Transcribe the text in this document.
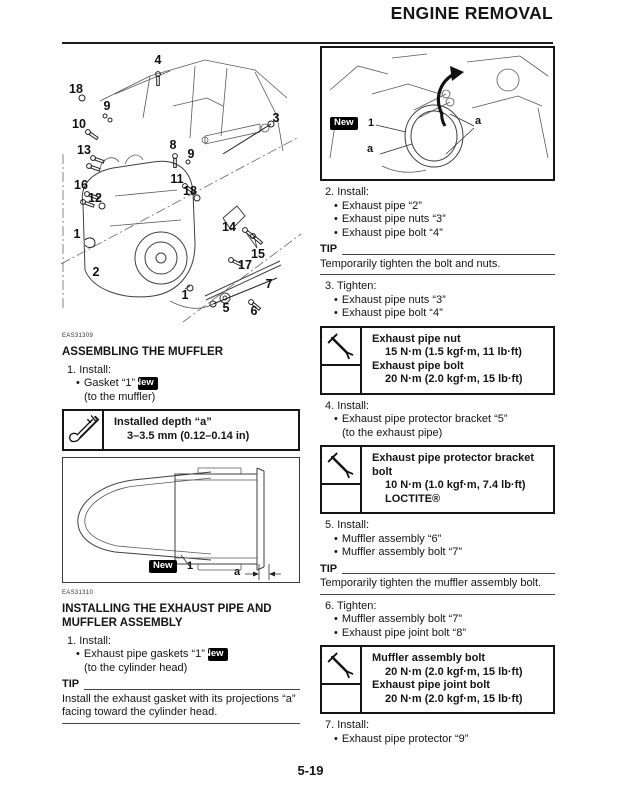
ENGINE REMOVAL
4
18
9
10	3
13	8
9
16	11
18
12
1	14
15
17
2
7
1
5 6
EAS31309
ASSEMBLING THE MUFFLER
1. Install:
• Gasket “1” New
(to the muffler)
Installed depth “a”
3–3.5 mm (0.12–0.14 in)
New	1	a
EAS31310
INSTALLING THE EXHAUST PIPE AND MUFFLER ASSEMBLY
1. Install:
• Exhaust pipe gaskets “1” New
(to the cylinder head)
TIP
Install the exhaust gasket with its projections “a” facing toward the cylinder head.
New	1	a
a
2. Install:
• Exhaust pipe “2”
• Exhaust pipe nuts “3”
• Exhaust pipe bolt “4”
TIP
Temporarily tighten the bolt and nuts.
3. Tighten:
• Exhaust pipe nuts “3”
• Exhaust pipe bolt “4”
Exhaust pipe nut
15 N·m (1.5 kgf·m, 11 lb·ft)
Exhaust pipe bolt
20 N·m (2.0 kgf·m, 15 lb·ft)
4. Install:
• Exhaust pipe protector bracket “5”
(to the exhaust pipe)
Exhaust pipe protector bracket bolt
10 N·m (1.0 kgf·m, 7.4 lb·ft)
LOCTITE®
5. Install:
• Muffler assembly “6”
• Muffler assembly bolt “7”
TIP
Temporarily tighten the muffler assembly bolt.
6. Tighten:
• Muffler assembly bolt “7”
• Exhaust pipe joint bolt “8”
Muffler assembly bolt
20 N·m (2.0 kgf·m, 15 lb·ft)
Exhaust pipe joint bolt
20 N·m (2.0 kgf·m, 15 lb·ft)
7. Install:
• Exhaust pipe protector “9”
5-19
